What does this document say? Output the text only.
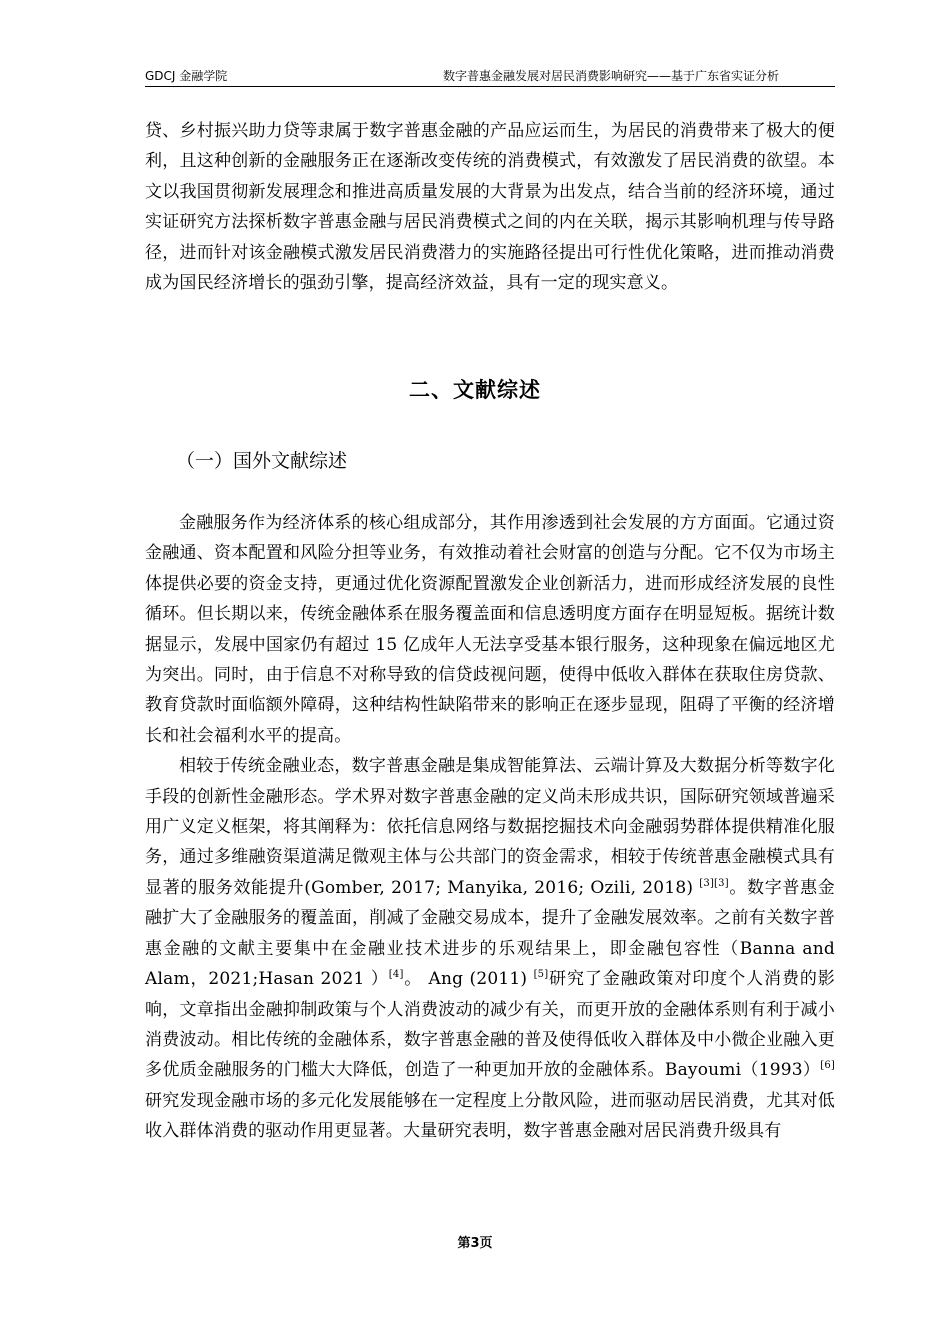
GDCJ 金融学院	数字普惠金融发展对居民消费影响研究——基于广东省实证分析

贷、乡村振兴助力贷等隶属于数字普惠金融的产品应运而生，为居民的消费带来了极大的便利，且这种创新的金融服务正在逐渐改变传统的消费模式，有效激发了居民消费的欲望。本文以我国贯彻新发展理念和推进高质量发展的大背景为出发点，结合当前的经济环境，通过实证研究方法探析数字普惠金融与居民消费模式之间的内在关联，揭示其影响机理与传导路径，进而针对该金融模式激发居民消费潜力的实施路径提出可行性优化策略，进而推动消费成为国民经济增长的强劲引擎，提高经济效益，具有一定的现实意义。

二、文献综述
（一）国外文献综述

金融服务作为经济体系的核心组成部分，其作用渗透到社会发展的方方面面。它通过资金融通、资本配置和风险分担等业务，有效推动着社会财富的创造与分配。它不仅为市场主体提供必要的资金支持，更通过优化资源配置激发企业创新活力，进而形成经济发展的良性循环。但长期以来，传统金融体系在服务覆盖面和信息透明度方面存在明显短板。据统计数据显示，发展中国家仍有超过 15 亿成年人无法享受基本银行服务，这种现象在偏远地区尤为突出。同时，由于信息不对称导致的信贷歧视问题，使得中低收入群体在获取住房贷款、教育贷款时面临额外障碍，这种结构性缺陷带来的影响正在逐步显现，阻碍了平衡的经济增长和社会福利水平的提高。

相较于传统金融业态，数字普惠金融是集成智能算法、云端计算及大数据分析等数字化手段的创新性金融形态。学术界对数字普惠金融的定义尚未形成共识，国际研究领域普遍采用广义定义框架，将其阐释为：依托信息网络与数据挖掘技术向金融弱势群体提供精准化服务，通过多维融资渠道满足微观主体与公共部门的资金需求，相较于传统普惠金融模式具有显著的服务效能提升(Gomber, 2017; Manyika, 2016; Ozili, 2018) [3][3]。数字普惠金融扩大了金融服务的覆盖面，削减了金融交易成本，提升了金融发展效率。之前有关数字普惠金融的文献主要集中在金融业技术进步的乐观结果上，即金融包容性（Banna and Alam，2021;Hasan 2021 ）[4]。 Ang (2011) [5]研究了金融政策对印度个人消费的影响，文章指出金融抑制政策与个人消费波动的减少有关，而更开放的金融体系则有利于减小消费波动。相比传统的金融体系，数字普惠金融的普及使得低收入群体及中小微企业融入更多优质金融服务的门槛大大降低，创造了一种更加开放的金融体系。Bayoumi（1993）[6]研究发现金融市场的多元化发展能够在一定程度上分散风险，进而驱动居民消费，尤其对低收入群体消费的驱动作用更显著。大量研究表明，数字普惠金融对居民消费升级具有

第3页
